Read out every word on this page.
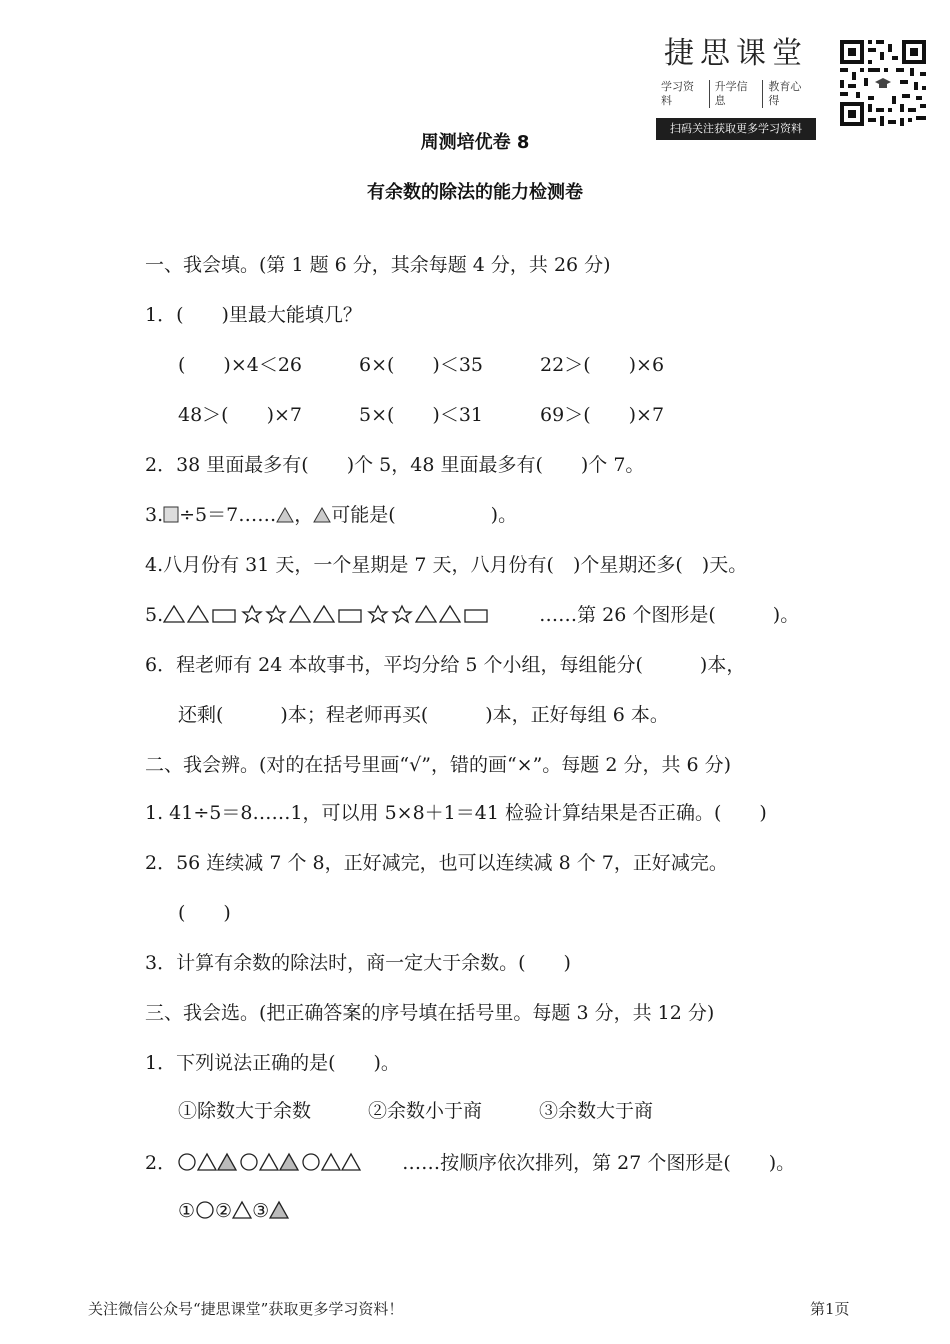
捷思课堂
学习资料
升学信息
教育心得
扫码关注获取更多学习资料
周测培优卷 8
有余数的除法的能力检测卷
一、我会填。(第 1 题 6 分，其余每题 4 分，共 26 分)
1．(　　)里最大能填几？
(　　)×4＜26　　　6×(　　)＜35　　　22＞(　　)×6
48＞(　　)×7　　　5×(　　)＜31　　　69＞(　　)×7
2．38 里面最多有(　　)个 5，48 里面最多有(　　)个 7。
3. ÷5＝7…… ， 可能是(　　　　　)。
4.八月份有 31 天，一个星期是 7 天，八月份有(　)个星期还多(　)天。
5.	……第 26 个图形是(　　　)。
6．程老师有 24 本故事书，平均分给 5 个小组，每组能分(　　　)本，
还剩(　　　)本；程老师再买(　　　)本，正好每组 6 本。
二、我会辨。(对的在括号里画“√”，错的画“×”。每题 2 分，共 6 分)
1. 41÷5＝8……1，可以用 5×8＋1＝41 检验计算结果是否正确。(　　)
2．56 连续减 7 个 8，正好减完，也可以连续减 8 个 7，正好减完。
(　　)
3．计算有余数的除法时，商一定大于余数。(　　)
三、我会选。(把正确答案的序号填在括号里。每题 3 分，共 12 分)
1．下列说法正确的是(　　)。
①除数大于余数　　　②余数小于商　　　③余数大于商
2．	……按顺序依次排列，第 27 个图形是(　　)。
① ② ③
关注微信公众号“捷思课堂”获取更多学习资料！	第1页
